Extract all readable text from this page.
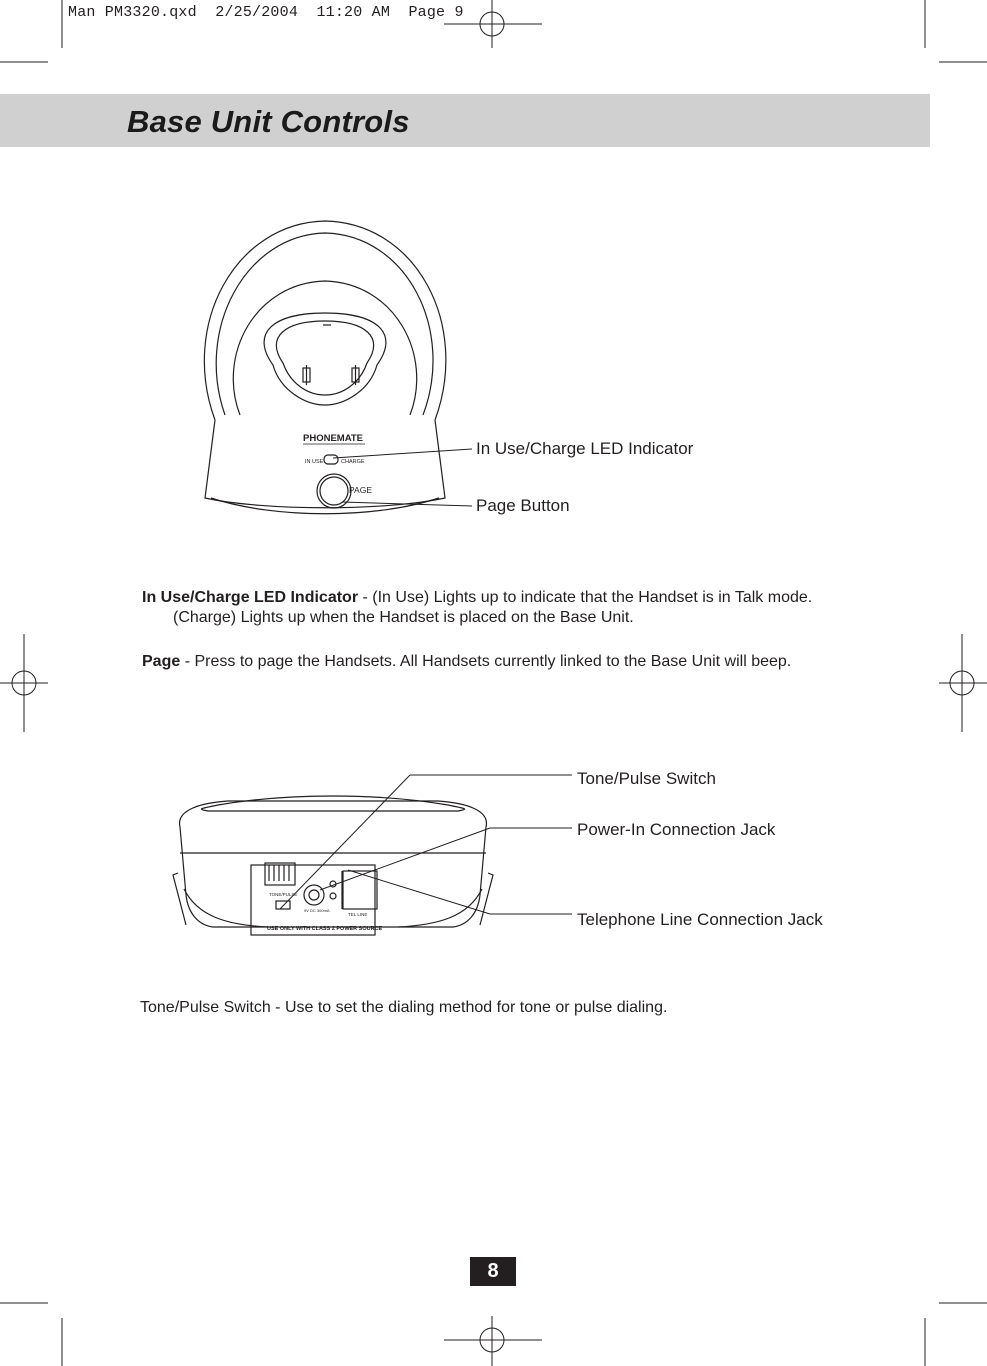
Man PM3320.qxd  2/25/2004  11:20 AM  Page 9
Base Unit Controls
PHONEMATE
IN USE	CHARGE
PAGE
In Use/Charge LED Indicator
Page Button
In Use/Charge LED Indicator - (In Use) Lights up to indicate that the Handset is in Talk mode.
(Charge) Lights up when the Handset is placed on the Base Unit.
Page - Press to page the Handsets. All Handsets currently linked to the Base Unit will beep.
TONE/PULSE
9V DC 300mA
TEL LINE
USE ONLY WITH CLASS 2 POWER SOURCE
Tone/Pulse Switch
Power-In Connection Jack
Telephone Line Connection Jack
Tone/Pulse Switch - Use to set the dialing method for tone or pulse dialing.
8
